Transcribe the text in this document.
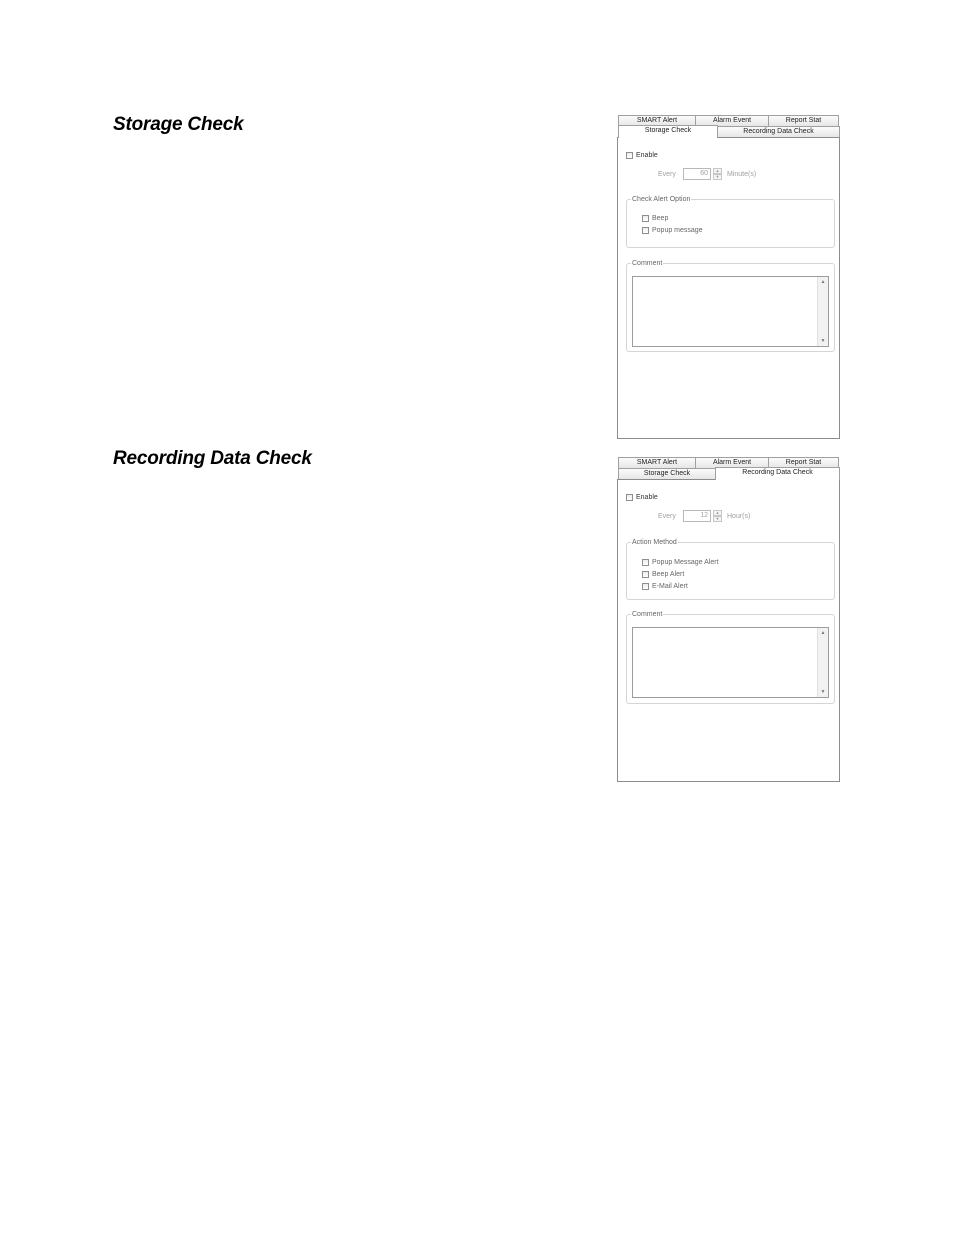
Storage Check	SMART Alert	Alarm Event	Report Stat
Storage Check	Recording Data Check
Enable
Every	60	▲
▼	Minute(s)
Check Alert Option
Beep
Popup message
Comment
▲
▼
Recording Data Check	SMART Alert	Alarm Event	Report Stat
Storage Check	Recording Data Check
Enable
Every	12	▲
▼	Hour(s)
Action Method
Popup Message Alert
Beep Alert
E-Mail Alert
Comment
▲
▼
